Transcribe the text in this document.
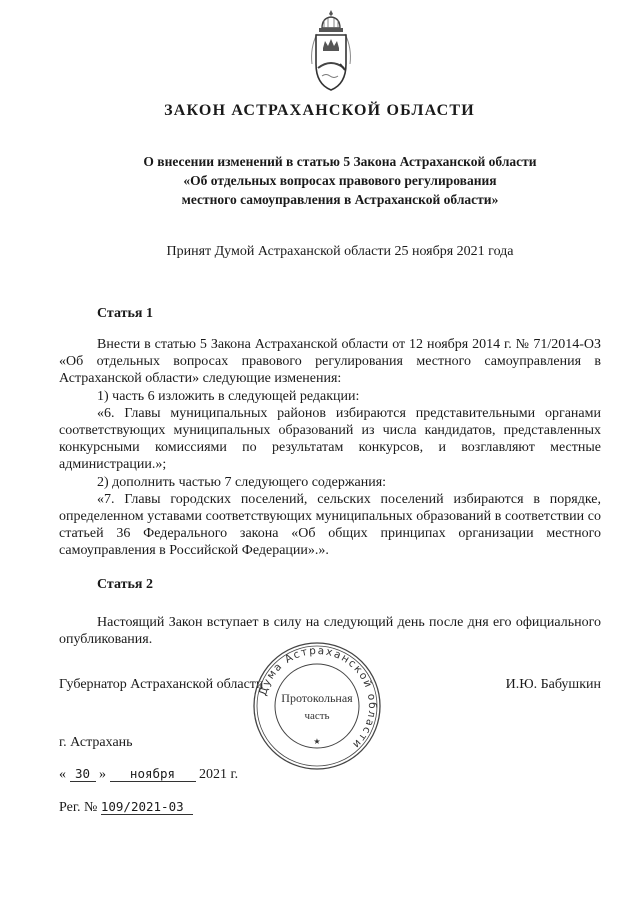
ЗАКОН АСТРАХАНСКОЙ ОБЛАСТИ
О внесении изменений в статью 5 Закона Астраханской области
«Об отдельных вопросах правового регулирования
местного самоуправления в Астраханской области»
Принят Думой Астраханской области 25 ноября 2021 года
Статья 1

Внести в статью 5 Закона Астраханской области от 12 ноября 2014 г. № 71/2014-ОЗ «Об отдельных вопросах правового регулирования местного самоуправления в Астраханской области» следующие изменения:

1) часть 6 изложить в следующей редакции:

«6. Главы муниципальных районов избираются представительными органами соответствующих муниципальных образований из числа кандидатов, представленных конкурсными комиссиями по результатам конкурсов, и возглавляют местные администрации.»;

2) дополнить частью 7 следующего содержания:

«7. Главы городских поселений, сельских поселений избираются в порядке, определенном уставами соответствующих муниципальных образований в соответствии со статьей 36 Федерального закона «Об общих принципах организации местного самоуправления в Российской Федерации».».

Статья 2

Настоящий Закон вступает в силу на следующий день после дня его официального опубликования.

Губернатор Астраханской области	И.Ю. Бабушкин
Дума Астраханской области
Протокольная
часть
★
г. Астрахань
« 30 » ноября 2021 г.
Рег. № 109/2021-03
